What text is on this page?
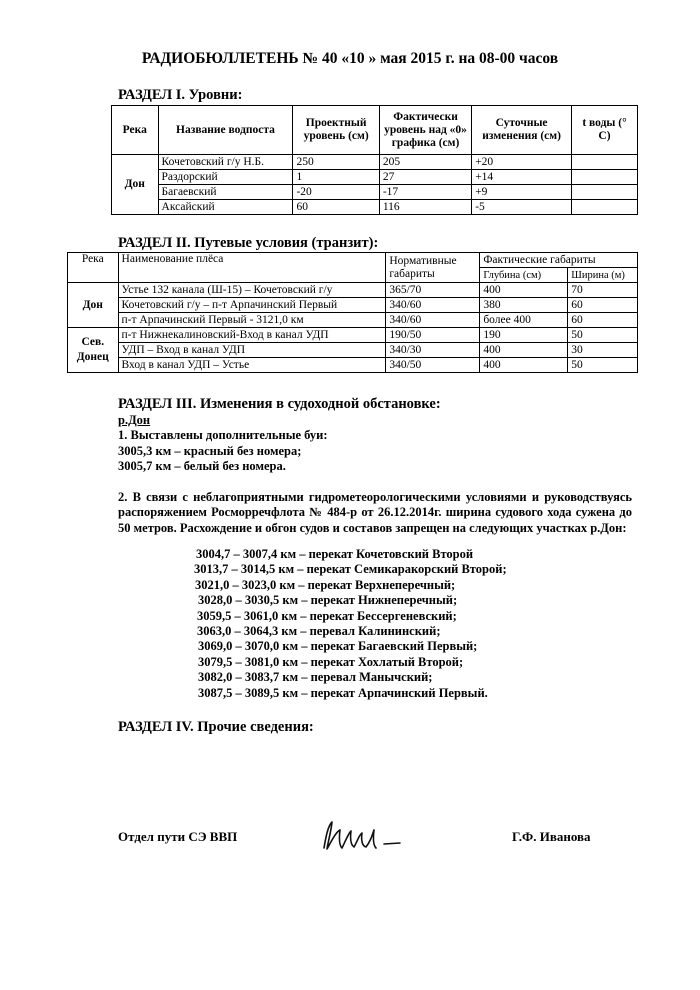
РАДИОБЮЛЛЕТЕНЬ № 40 «10 » мая 2015 г. на 08-00 часов
РАЗДЕЛ I. Уровни:
Река	Название водпоста	Проектный уровень (см)	Фактически уровень над «0» графика (см)	Суточные изменения (см)	t воды (° С)
Дон	Кочетовский г/у Н.Б.	250	205	+20	
	Раздорский	1	27	+14	
	Багаевский	-20	-17	+9	
	Аксайский	60	116	-5	
РАЗДЕЛ II. Путевые условия (транзит):
Река	Наименование плёса	Нормативные габариты	Фактические габариты	
			Глубина (см)	Ширина (м)
Дон	Устье 132 канала (Ш-15) – Кочетовский г/у	365/70	400	70
	Кочетовский г/у – п-т Арпачинский Первый	340/60	380	60
	п-т Арпачинский Первый - 3121,0 км	340/60	более 400	60
Сев. Донец	п-т Нижнекалиновский-Вход в канал УДП	190/50	190	50
	УДП – Вход в канал УДП	340/30	400	30
	Вход в канал УДП – Устье	340/50	400	50
РАЗДЕЛ III. Изменения в судоходной обстановке:
р.Дон
1. Выставлены дополнительные буи:
3005,3 км – красный без номера;
3005,7 км – белый без номера.

2. В связи с неблагоприятными гидрометеорологическими условиями и руководствуясь распоряжением Росморречфлота № 484-р от 26.12.2014г. ширина судового хода сужена до 50 метров. Расхождение и обгон судов и составов запрещен на следующих участках р.Дон:

3004,7 – 3007,4 км – перекат Кочетовский Второй
3013,7 – 3014,5 км – перекат Семикаракорский Второй;
3021,0 – 3023,0 км – перекат Верхнеперечный;
3028,0 – 3030,5 км – перекат Нижнеперечный;
3059,5 – 3061,0 км – перекат Бессергеневский;
3063,0 – 3064,3 км – перевал Калининский;
3069,0 – 3070,0 км – перекат Багаевский Первый;
3079,5 – 3081,0 км – перекат Хохлатый Второй;
3082,0 – 3083,7 км – перевал Манычский;
3087,5 – 3089,5 км – перекат Арпачинский Первый.
РАЗДЕЛ IV. Прочие сведения:
Отдел пути СЭ ВВП	Г.Ф. Иванова
